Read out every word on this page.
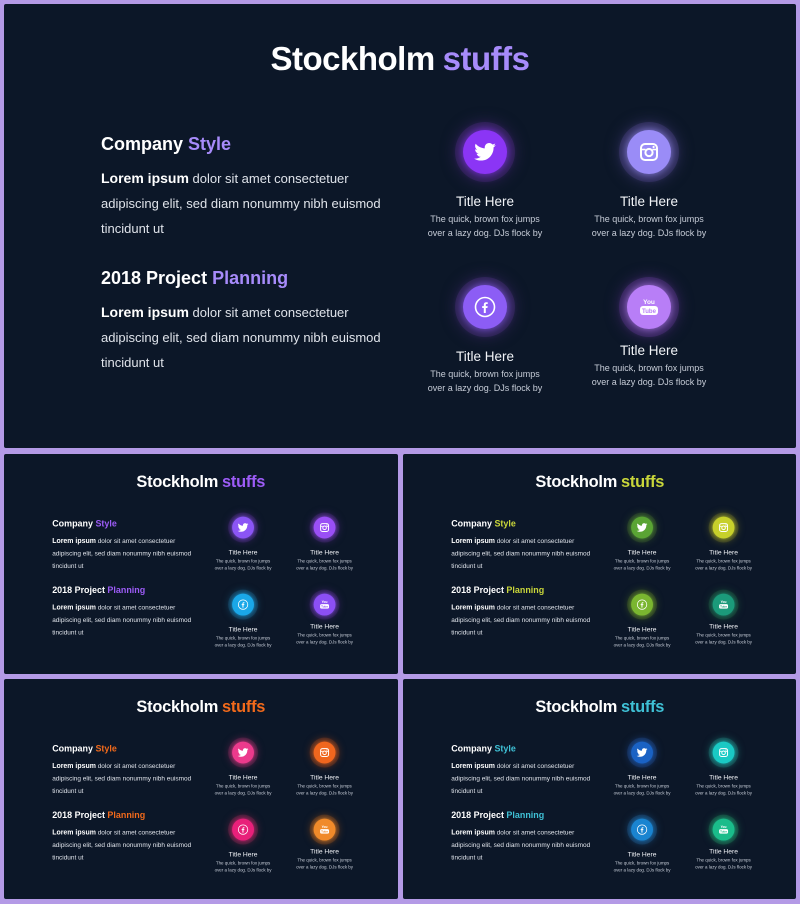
Stockholm stuffs
Company Style
Lorem ipsum dolor sit amet consectetuer adipiscing elit, sed diam nonummy nibh euismod tincidunt ut
2018 Project Planning
Lorem ipsum dolor sit amet consectetuer adipiscing elit, sed diam nonummy nibh euismod tincidunt ut
Title Here
The quick, brown fox jumps
over a lazy dog. DJs flock by
Title Here
The quick, brown fox jumps
over a lazy dog. DJs flock by
Title Here
The quick, brown fox jumps
over a lazy dog. DJs flock by
You
Tube
Title Here
The quick, brown fox jumps
over a lazy dog. DJs flock by
Stockholm stuffs
Company Style
Lorem ipsum dolor sit amet consectetuer adipiscing elit, sed diam nonummy nibh euismod tincidunt ut
2018 Project Planning
Lorem ipsum dolor sit amet consectetuer adipiscing elit, sed diam nonummy nibh euismod tincidunt ut
Title Here
The quick, brown fox jumps
over a lazy dog. DJs flock by
Title Here
The quick, brown fox jumps
over a lazy dog. DJs flock by
Title Here
The quick, brown fox jumps
over a lazy dog. DJs flock by
You
Tube
Title Here
The quick, brown fox jumps
over a lazy dog. DJs flock by
Stockholm stuffs
Company Style
Lorem ipsum dolor sit amet consectetuer adipiscing elit, sed diam nonummy nibh euismod tincidunt ut
2018 Project Planning
Lorem ipsum dolor sit amet consectetuer adipiscing elit, sed diam nonummy nibh euismod tincidunt ut
Title Here
The quick, brown fox jumps
over a lazy dog. DJs flock by
Title Here
The quick, brown fox jumps
over a lazy dog. DJs flock by
Title Here
The quick, brown fox jumps
over a lazy dog. DJs flock by
You
Tube
Title Here
The quick, brown fox jumps
over a lazy dog. DJs flock by
Stockholm stuffs
Company Style
Lorem ipsum dolor sit amet consectetuer adipiscing elit, sed diam nonummy nibh euismod tincidunt ut
2018 Project Planning
Lorem ipsum dolor sit amet consectetuer adipiscing elit, sed diam nonummy nibh euismod tincidunt ut
Title Here
The quick, brown fox jumps
over a lazy dog. DJs flock by
Title Here
The quick, brown fox jumps
over a lazy dog. DJs flock by
Title Here
The quick, brown fox jumps
over a lazy dog. DJs flock by
You
Tube
Title Here
The quick, brown fox jumps
over a lazy dog. DJs flock by
Stockholm stuffs
Company Style
Lorem ipsum dolor sit amet consectetuer adipiscing elit, sed diam nonummy nibh euismod tincidunt ut
2018 Project Planning
Lorem ipsum dolor sit amet consectetuer adipiscing elit, sed diam nonummy nibh euismod tincidunt ut
Title Here
The quick, brown fox jumps
over a lazy dog. DJs flock by
Title Here
The quick, brown fox jumps
over a lazy dog. DJs flock by
Title Here
The quick, brown fox jumps
over a lazy dog. DJs flock by
You
Tube
Title Here
The quick, brown fox jumps
over a lazy dog. DJs flock by
